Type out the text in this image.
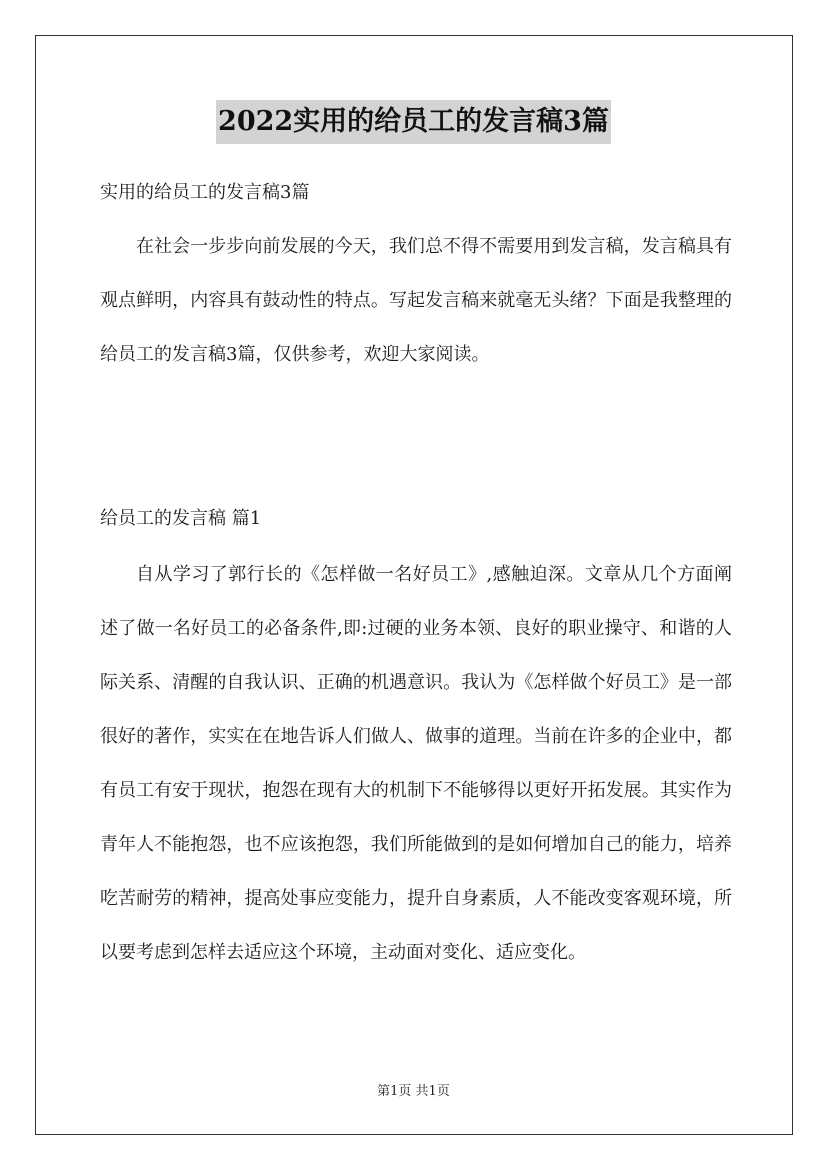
2022实用的给员工的发言稿3篇

实用的给员工的发言稿3篇

在社会一步步向前发展的今天，我们总不得不需要用到发言稿，发言稿具有观点鲜明，内容具有鼓动性的特点。写起发言稿来就毫无头绪？下面是我整理的给员工的发言稿3篇，仅供参考，欢迎大家阅读。

给员工的发言稿 篇1

自从学习了郭行长的《怎样做一名好员工》,感触迫深。文章从几个方面阐述了做一名好员工的必备条件,即:过硬的业务本领、良好的职业操守、和谐的人际关系、清醒的自我认识、正确的机遇意识。我认为《怎样做个好员工》是一部很好的著作，实实在在地告诉人们做人、做事的道理。当前在许多的企业中，都有员工有安于现状，抱怨在现有大的机制下不能够得以更好开拓发展。其实作为青年人不能抱怨，也不应该抱怨，我们所能做到的是如何增加自己的能力，培养吃苦耐劳的精神，提高处事应变能力，提升自身素质，人不能改变客观环境，所以要考虑到怎样去适应这个环境，主动面对变化、适应变化。

第1页 共1页
